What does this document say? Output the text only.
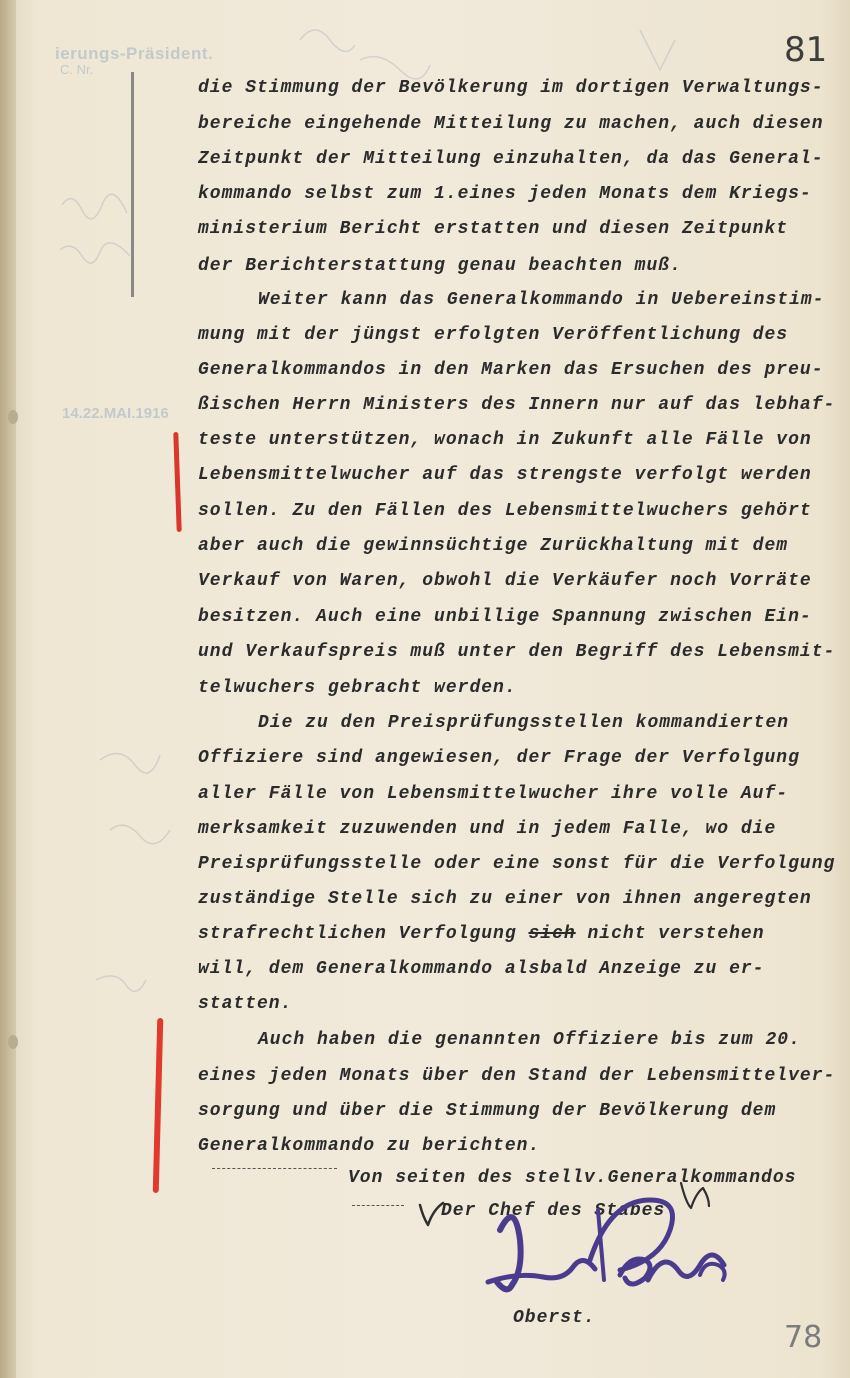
ierungs-Präsident.
C. Nr.
14.22.MAI.1916
81
die Stimmung der Bevölkerung im dortigen Verwaltungs-
bereiche eingehende Mitteilung zu machen, auch diesen
Zeitpunkt der Mitteilung einzuhalten, da das General-
kommando selbst zum 1.eines jeden Monats dem Kriegs-
ministerium Bericht erstatten und diesen Zeitpunkt
der Berichterstattung genau beachten muß.
Weiter kann das Generalkommando in Uebereinstim-
mung mit der jüngst erfolgten Veröffentlichung des
Generalkommandos in den Marken das Ersuchen des preu-
ßischen Herrn Ministers des Innern nur auf das lebhaf-
teste unterstützen, wonach in Zukunft alle Fälle von
Lebensmittelwucher auf das strengste verfolgt werden
sollen. Zu den Fällen des Lebensmittelwuchers gehört
aber auch die gewinnsüchtige Zurückhaltung mit dem
Verkauf von Waren, obwohl die Verkäufer noch Vorräte
besitzen. Auch eine unbillige Spannung zwischen Ein-
und Verkaufspreis muß unter den Begriff des Lebensmit-
telwuchers gebracht werden.
Die zu den Preisprüfungsstellen kommandierten
Offiziere sind angewiesen, der Frage der Verfolgung
aller Fälle von Lebensmittelwucher ihre volle Auf-
merksamkeit zuzuwenden und in jedem Falle, wo die
Preisprüfungsstelle oder eine sonst für die Verfolgung
zuständige Stelle sich zu einer von ihnen angeregten
strafrechtlichen Verfolgung sich nicht verstehen
will, dem Generalkommando alsbald Anzeige zu er-
statten.
Auch haben die genannten Offiziere bis zum 20.
eines jeden Monats über den Stand der Lebensmittelver-
sorgung und über die Stimmung der Bevölkerung dem
Generalkommando zu berichten.
Von seiten des stellv.Generalkommandos
Der Chef des Stabes
Oberst.
78
